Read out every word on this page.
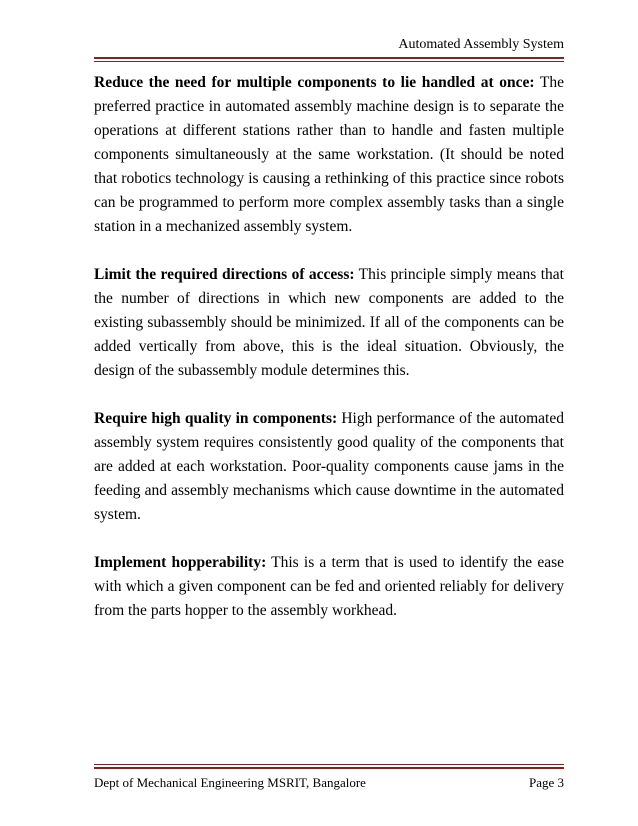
Automated Assembly System

Reduce the need for multiple components to lie handled at once: The preferred practice in automated assembly machine design is to separate the operations at different stations rather than to handle and fasten multiple components simultaneously at the same workstation. (It should be noted that robotics technology is causing a rethinking of this practice since robots can be programmed to perform more complex assembly tasks than a single station in a mechanized assembly system.

Limit the required directions of access: This principle simply means that the number of directions in which new components are added to the existing subassembly should be minimized. If all of the components can be added vertically from above, this is the ideal situation. Obviously, the design of the subassembly module determines this.

Require high quality in components: High performance of the automated assembly system requires consistently good quality of the components that are added at each workstation. Poor-quality components cause jams in the feeding and assembly mechanisms which cause downtime in the automated system.

Implement hopperability: This is a term that is used to identify the ease with which a given component can be fed and oriented reliably for delivery from the parts hopper to the assembly workhead.

Dept of Mechanical Engineering MSRIT, Bangalore	Page 3
